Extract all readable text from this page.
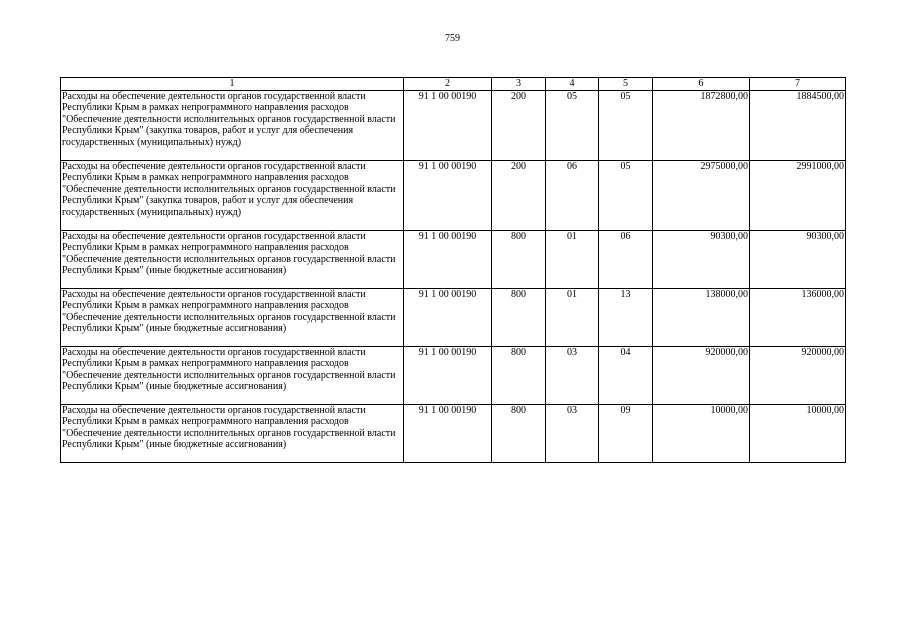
759
1	2	3	4	5	6	7
Расходы на обеспечение деятельности органов государственной власти Республики Крым в рамках непрограммного направления расходов "Обеспечение деятельности исполнительных органов государственной власти Республики Крым" (закупка товаров, работ и услуг для обеспечения государственных (муниципальных) нужд)	91 1 00 00190	200	05	05	1872800,00	1884500,00
Расходы на обеспечение деятельности органов государственной власти Республики Крым в рамках непрограммного направления расходов "Обеспечение деятельности исполнительных органов государственной власти Республики Крым" (закупка товаров, работ и услуг для обеспечения государственных (муниципальных) нужд)	91 1 00 00190	200	06	05	2975000,00	2991000,00
Расходы на обеспечение деятельности органов государственной власти Республики Крым в рамках непрограммного направления расходов "Обеспечение деятельности исполнительных органов государственной власти Республики Крым" (иные бюджетные ассигнования)	91 1 00 00190	800	01	06	90300,00	90300,00
Расходы на обеспечение деятельности органов государственной власти Республики Крым в рамках непрограммного направления расходов "Обеспечение деятельности исполнительных органов государственной власти Республики Крым" (иные бюджетные ассигнования)	91 1 00 00190	800	01	13	138000,00	136000,00
Расходы на обеспечение деятельности органов государственной власти Республики Крым в рамках непрограммного направления расходов "Обеспечение деятельности исполнительных органов государственной власти Республики Крым" (иные бюджетные ассигнования)	91 1 00 00190	800	03	04	920000,00	920000,00
Расходы на обеспечение деятельности органов государственной власти Республики Крым в рамках непрограммного направления расходов "Обеспечение деятельности исполнительных органов государственной власти Республики Крым" (иные бюджетные ассигнования)	91 1 00 00190	800	03	09	10000,00	10000,00
